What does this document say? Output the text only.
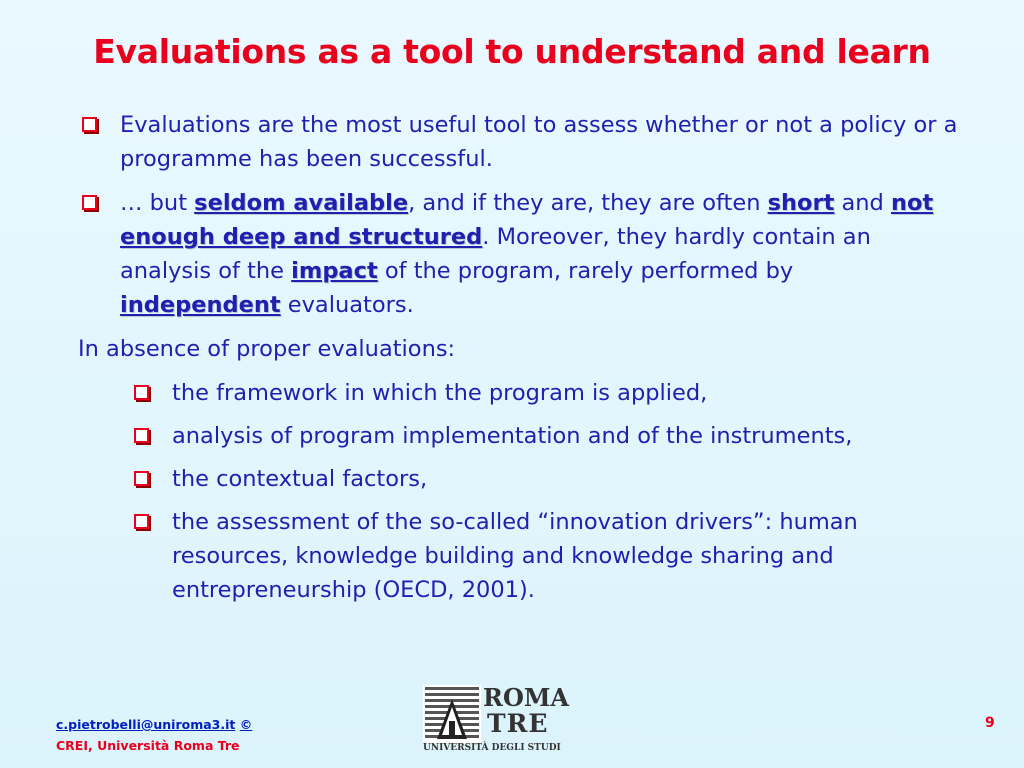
Evaluations as a tool to understand and learn
Evaluations are the most useful tool to assess whether or not a policy or a programme has been successful.
… but seldom available, and if they are, they are often short and not enough deep and structured. Moreover, they hardly contain an analysis of the impact of the program, rarely performed by independent evaluators.
In absence of proper evaluations:
the framework in which the program is applied,
analysis of program implementation and of the instruments,
the contextual factors,
the assessment of the so-called “innovation drivers”: human resources, knowledge building and knowledge sharing and entrepreneurship (OECD, 2001).
c.pietrobelli@uniroma3.it ©
CREI, Università Roma Tre
ROMA
TRE
UNIVERSITÀ DEGLI STUDI
9
